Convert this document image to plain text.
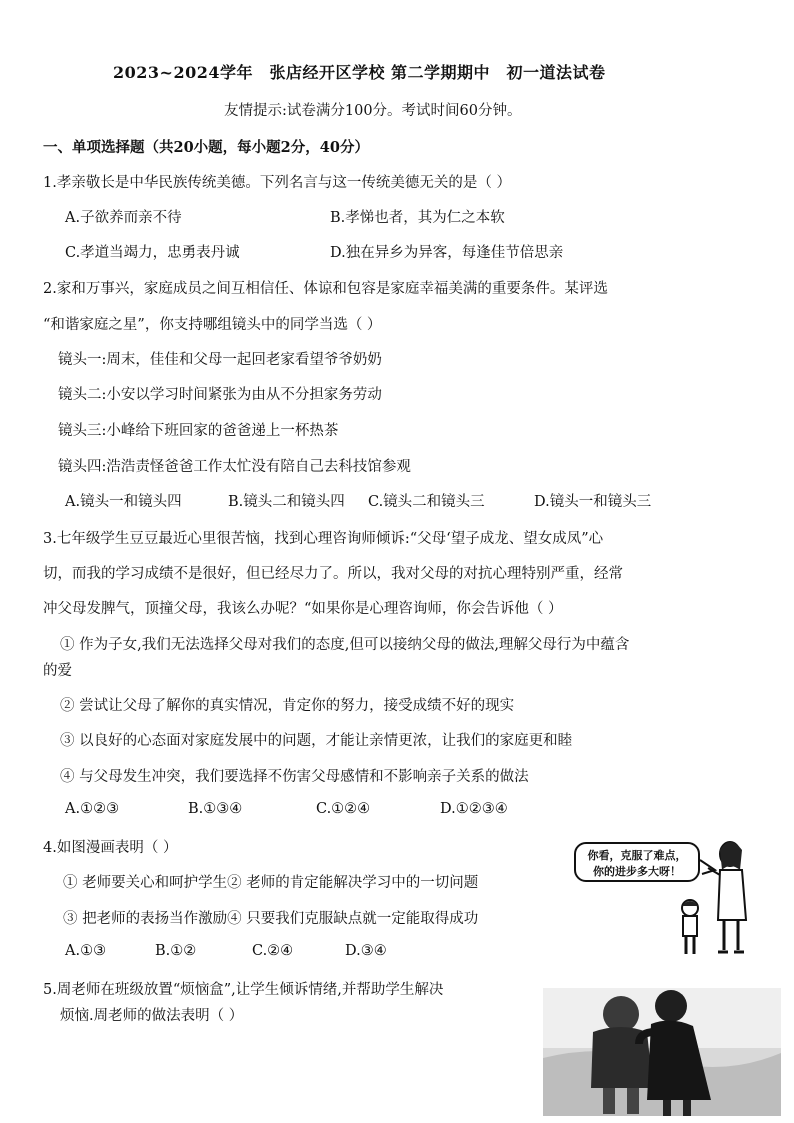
2023~2024学年　张店经开区学校 第二学期期中　初一道法试卷
友情提示:试卷满分100分。考试时间60分钟。
一、单项选择题（共20小题，每小题2分，40分）
1.孝亲敬长是中华民族传统美德。下列名言与这一传统美德无关的是（ ）
A.子欲养而亲不待	B.孝悌也者，其为仁之本软
C.孝道当竭力，忠勇表丹诚	D.独在异乡为异客，每逢佳节倍思亲
2.家和万事兴，家庭成员之间互相信任、体谅和包容是家庭幸福美满的重要条件。某评选
“和谐家庭之星”，你支持哪组镜头中的同学当选（ ）
镜头一:周末，佳佳和父母一起回老家看望爷爷奶奶
镜头二:小安以学习时间紧张为由从不分担家务劳动
镜头三:小峰给下班回家的爸爸递上一杯热茶
镜头四:浩浩责怪爸爸工作太忙没有陪自己去科技馆参观
A.镜头一和镜头四	B.镜头二和镜头四 C.镜头二和镜头三	D.镜头一和镜头三
3.七年级学生豆豆最近心里很苦恼，找到心理咨询师倾诉:“父母‘望子成龙、望女成凤”心
切，而我的学习成绩不是很好，但已经尽力了。所以，我对父母的对抗心理特别严重，经常
冲父母发脾气，顶撞父母，我该么办呢？“如果你是心理咨询师，你会告诉他（ ）
① 作为子女,我们无法选择父母对我们的态度,但可以接纳父母的做法,理解父母行为中蕴含
的爱
② 尝试让父母了解你的真实情况，肯定你的努力，接受成绩不好的现实
③ 以良好的心态面对家庭发展中的问题，才能让亲情更浓，让我们的家庭更和睦
④ 与父母发生冲突，我们要选择不伤害父母感情和不影响亲子关系的做法
A.①②③	B.①③④	C.①②④	D.①②③④
4.如图漫画表明（ ）
① 老师要关心和呵护学生② 老师的肯定能解决学习中的一切问题
③ 把老师的表扬当作激励④ 只要我们克服缺点就一定能取得成功
A.①③	B.①②	C.②④	D.③④
你看，克服了难点，
你的进步多大呀！
5.周老师在班级放置“烦恼盒”,让学生倾诉情绪,并帮助学生解决
烦恼.周老师的做法表明（ ）
